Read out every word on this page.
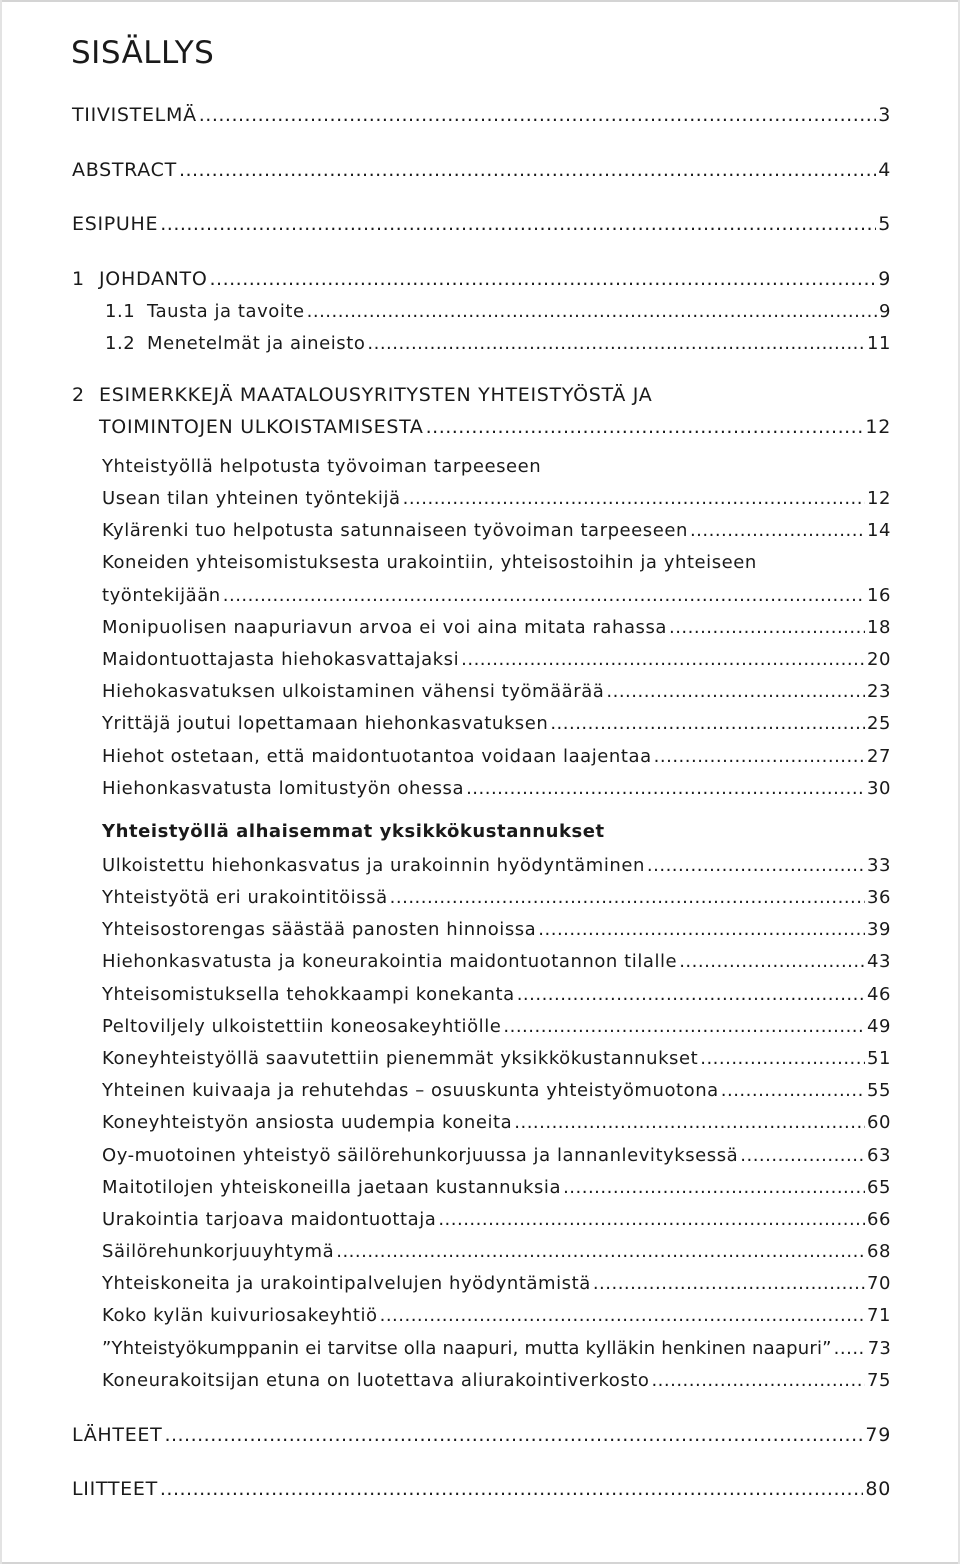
SISÄLLYS
TIIVISTELMÄ .....	3
ABSTRACT .....	4
ESIPUHE .....	5
1 JOHDANTO .....	9
1.1 Tausta ja tavoite .....	9
1.2 Menetelmät ja aineisto .....	11
2 ESIMERKKEJÄ MAATALOUSYRITYSTEN YHTEISTYÖSTÄ JA
TOIMINTOJEN ULKOISTAMISESTA .....	12
Yhteistyöllä helpotusta työvoiman tarpeeseen
Usean tilan yhteinen työntekijä .....	12
Kylärenki tuo helpotusta satunnaiseen työvoiman tarpeeseen .....	14
Koneiden yhteisomistuksesta urakointiin, yhteisostoihin ja yhteiseen
työntekijään .....	16
Monipuolisen naapuriavun arvoa ei voi aina mitata rahassa .....	18
Maidontuottajasta hiehokasvattajaksi .....	20
Hiehokasvatuksen ulkoistaminen vähensi työmäärää .....	23
Yrittäjä joutui lopettamaan hiehonkasvatuksen .....	25
Hiehot ostetaan, että maidontuotantoa voidaan laajentaa .....	27
Hiehonkasvatusta lomitustyön ohessa .....	30
Yhteistyöllä alhaisemmat yksikkökustannukset
Ulkoistettu hiehonkasvatus ja urakoinnin hyödyntäminen .....	33
Yhteistyötä eri urakointitöissä .....	36
Yhteisostorengas säästää panosten hinnoissa .....	39
Hiehonkasvatusta ja koneurakointia maidontuotannon tilalle .....	43
Yhteisomistuksella tehokkaampi konekanta .....	46
Peltoviljely ulkoistettiin koneosakeyhtiölle .....	49
Koneyhteistyöllä saavutettiin pienemmät yksikkökustannukset .....	51
Yhteinen kuivaaja ja rehutehdas – osuuskunta yhteistyömuotona .....	55
Koneyhteistyön ansiosta uudempia koneita .....	60
Oy-muotoinen yhteistyö säilörehunkorjuussa ja lannanlevityksessä .....	63
Maitotilojen yhteiskoneilla jaetaan kustannuksia .....	65
Urakointia tarjoava maidontuottaja .....	66
Säilörehunkorjuuyhtymä .....	68
Yhteiskoneita ja urakointipalvelujen hyödyntämistä .....	70
Koko kylän kuivuriosakeyhtiö .....	71
”Yhteistyökumppanin ei tarvitse olla naapuri, mutta kylläkin henkinen naapuri” ..... 73
Koneurakoitsijan etuna on luotettava aliurakointiverkosto .....	75
LÄHTEET .....	79
LIITTEET .....	80
